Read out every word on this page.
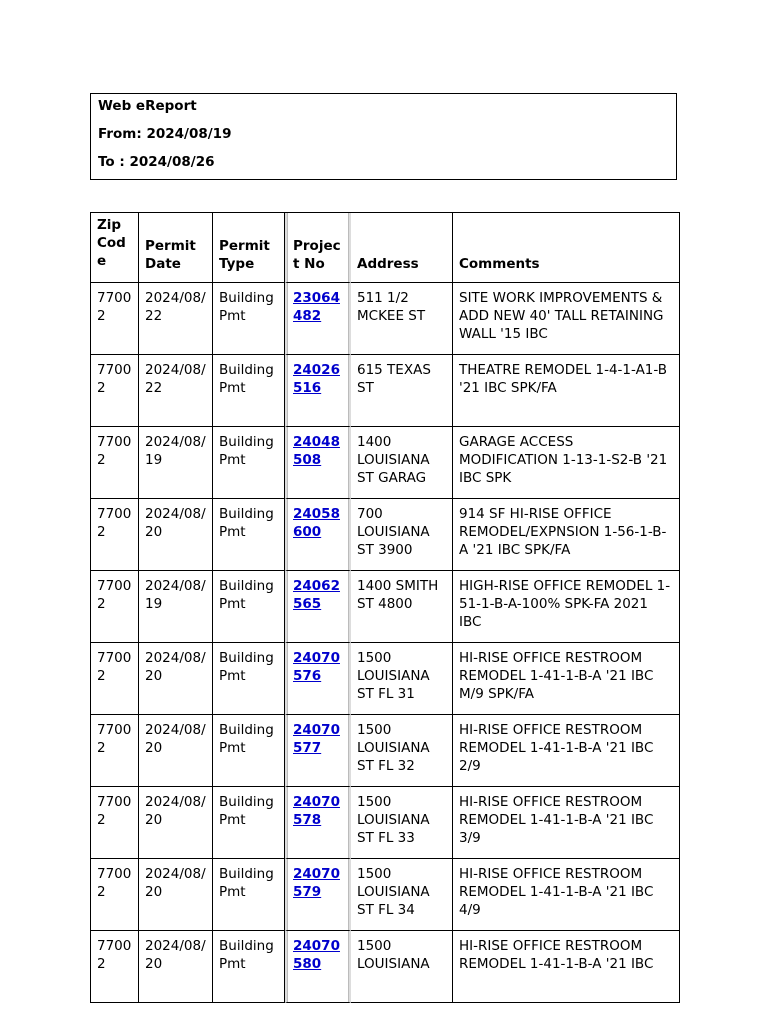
Web eReport
From: 2024/08/19
To : 2024/08/26
Zip Code	Permit Date	Permit Type	Project No	Address	Comments
77002	2024/08/22	Building Pmt	23064482	511 1/2 MCKEE ST	SITE WORK IMPROVEMENTS & ADD NEW 40' TALL RETAINING WALL '15 IBC
77002	2024/08/22	Building Pmt	24026516	615 TEXAS ST	THEATRE REMODEL 1-4-1-A1-B '21 IBC SPK/FA
77002	2024/08/19	Building Pmt	24048508	1400 LOUISIANA ST GARAG	GARAGE ACCESS MODIFICATION 1-13-1-S2-B '21 IBC SPK
77002	2024/08/20	Building Pmt	24058600	700 LOUISIANA ST 3900	914 SF HI-RISE OFFICE REMODEL/EXPNSION 1-56-1-B-A '21 IBC SPK/FA
77002	2024/08/19	Building Pmt	24062565	1400 SMITH ST 4800	HIGH-RISE OFFICE REMODEL 1-51-1-B-A-100% SPK-FA 2021 IBC
77002	2024/08/20	Building Pmt	24070576	1500 LOUISIANA ST FL 31	HI-RISE OFFICE RESTROOM REMODEL 1-41-1-B-A '21 IBC M/9 SPK/FA
77002	2024/08/20	Building Pmt	24070577	1500 LOUISIANA ST FL 32	HI-RISE OFFICE RESTROOM REMODEL 1-41-1-B-A '21 IBC 2/9
77002	2024/08/20	Building Pmt	24070578	1500 LOUISIANA ST FL 33	HI-RISE OFFICE RESTROOM REMODEL 1-41-1-B-A '21 IBC 3/9
77002	2024/08/20	Building Pmt	24070579	1500 LOUISIANA ST FL 34	HI-RISE OFFICE RESTROOM REMODEL 1-41-1-B-A '21 IBC 4/9
77002	2024/08/20	Building Pmt	24070580	1500 LOUISIANA	HI-RISE OFFICE RESTROOM REMODEL 1-41-1-B-A '21 IBC
